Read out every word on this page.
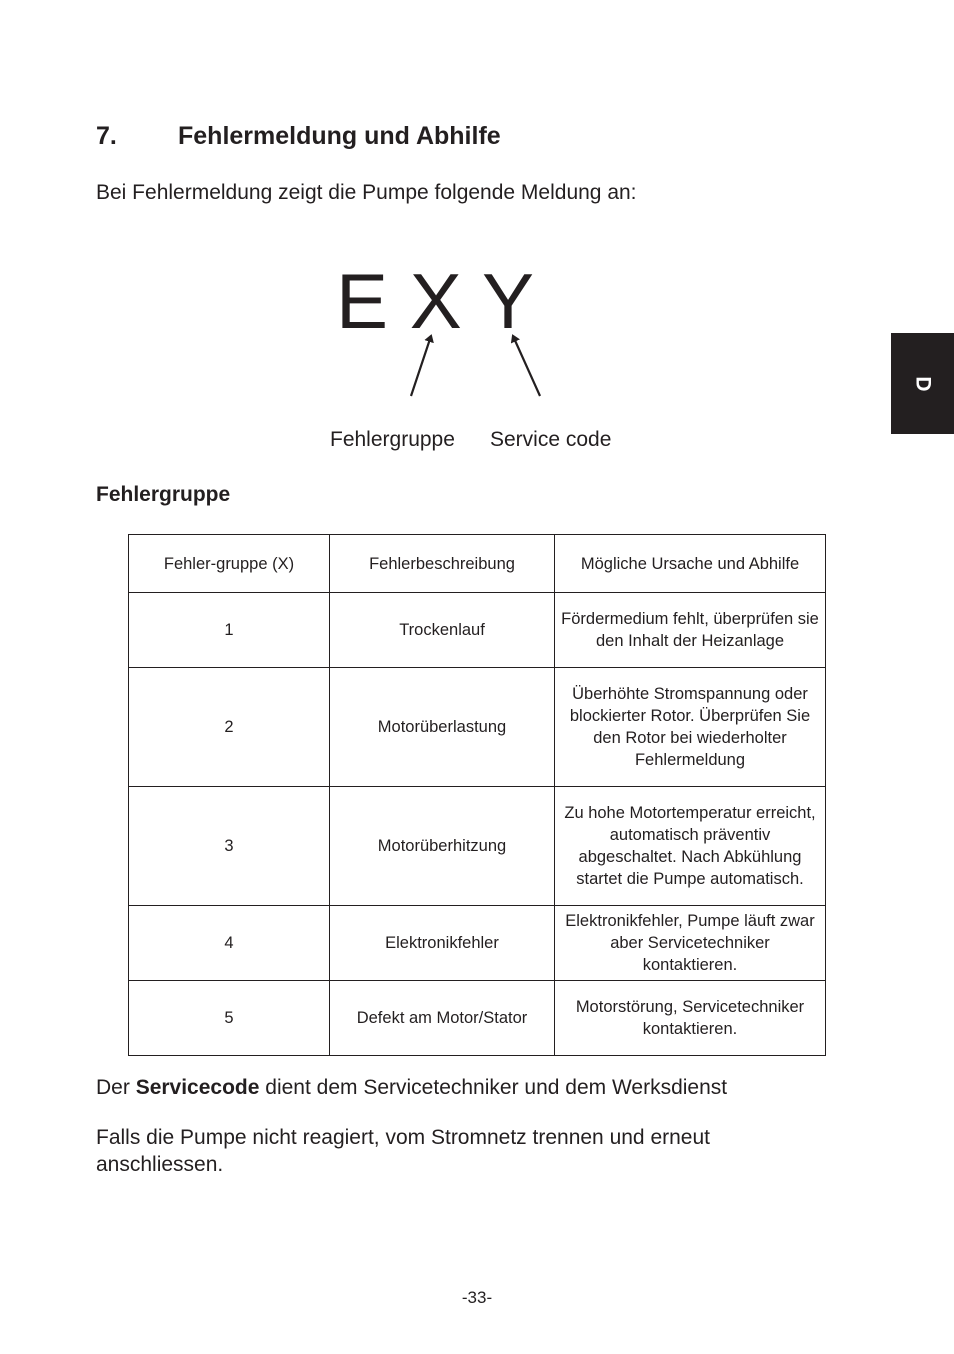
7. Fehlermeldung und Abhilfe
Bei Fehlermeldung zeigt die Pumpe folgende Meldung an:
E X Y
Fehlergruppe Service code
D
Fehlergruppe
Fehler-gruppe (X)	Fehlerbeschreibung	Mögliche Ursache und Abhilfe
1	Trockenlauf	Fördermedium fehlt, überprüfen sie den Inhalt der Heizanlage
2	Motorüberlastung	Überhöhte Stromspannung oder blockierter Rotor. Überprüfen Sie den Rotor bei wiederholter Fehlermeldung
3	Motorüberhitzung	Zu hohe Motortemperatur erreicht, automatisch präventiv abgeschaltet. Nach Abkühlung startet die Pumpe automatisch.
4	Elektronikfehler	Elektronikfehler, Pumpe läuft zwar aber Servicetechniker kontaktieren.
5	Defekt am Motor/Stator	Motorstörung, Servicetechniker kontaktieren.
Der Servicecode dient dem Servicetechniker und dem Werksdienst
Falls die Pumpe nicht reagiert, vom Stromnetz trennen und erneut anschliessen.
-33-
